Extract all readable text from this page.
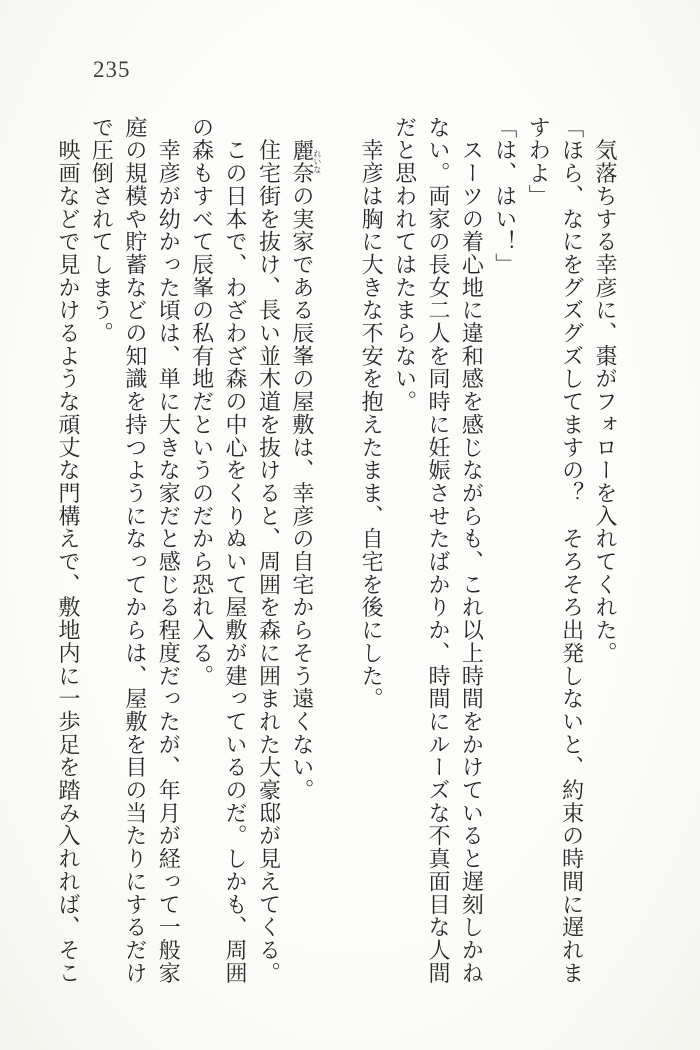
235
　気落ちする幸彦に、棗がフォローを入れてくれた。
「ほら、なにをグズグズしてますの？　そろそろ出発しないと、約束の時間に遅れま
すわよ」
「は、はい！」
　スーツの着心地に違和感を感じながらも、これ以上時間をかけていると遅刻しかね
ない。両家の長女二人を同時に妊娠させたばかりか、時間にルーズな不真面目な人間
だと思われてはたまらない。
　幸彦は胸に大きな不安を抱えたまま、自宅を後にした。

　麗奈れいなの実家である辰峯の屋敷は、幸彦の自宅からそう遠くない。
　住宅街を抜け、長い並木道を抜けると、周囲を森に囲まれた大豪邸が見えてくる。
　この日本で、わざわざ森の中心をくりぬいて屋敷が建っているのだ。しかも、周囲
の森もすべて辰峯の私有地だというのだから恐れ入る。
　幸彦が幼かった頃は、単に大きな家だと感じる程度だったが、年月が経って一般家
庭の規模や貯蓄などの知識を持つようになってからは、屋敷を目の当たりにするだけ
で圧倒されてしまう。
　映画などで見かけるような頑丈な門構えで、敷地内に一歩足を踏み入れれば、そこ
